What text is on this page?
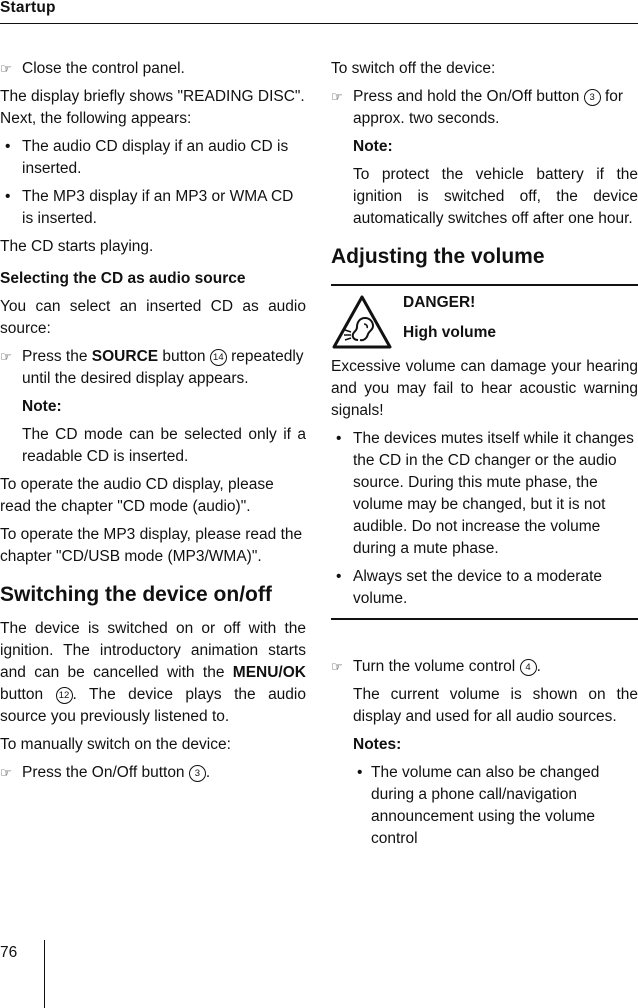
Startup
☞ Close the control panel.

The display briefly shows "READING DISC". Next, the following appears:

• The audio CD display if an audio CD is inserted.
• The MP3 display if an MP3 or WMA CD is inserted.

The CD starts playing.

Selecting the CD as audio source

You can select an inserted CD as audio source:

☞ Press the SOURCE button 14 repeatedly until the desired display appears.
Note:

The CD mode can be selected only if a readable CD is inserted.

To operate the audio CD display, please read the chapter "CD mode (audio)".

To operate the MP3 display, please read the chapter "CD/USB mode (MP3/WMA)".

Switching the device on/off

The device is switched on or off with the ignition. The introductory animation starts and can be cancelled with the MENU/OK button 12 . The device plays the audio source you previously listened to.

To manually switch on the device:

☞ Press the On/Off button 3 .

To switch off the device:

☞ Press and hold the On/Off button 3 for approx. two seconds.
Note:

To protect the vehicle battery if the ignition is switched off, the device automatically switches off after one hour.

Adjusting the volume
DANGER!
High volume

Excessive volume can damage your hearing and you may fail to hear acoustic warning signals!

• The devices mutes itself while it changes the CD in the CD changer or the audio source. During this mute phase, the volume may be changed, but it is not audible. Do not increase the volume during a mute phase.
• Always set the device to a moderate volume.
☞ Turn the volume control 4 .

The current volume is shown on the display and used for all audio sources.

Notes:
• The volume can also be changed during a phone call/navigation announcement using the volume control
76
